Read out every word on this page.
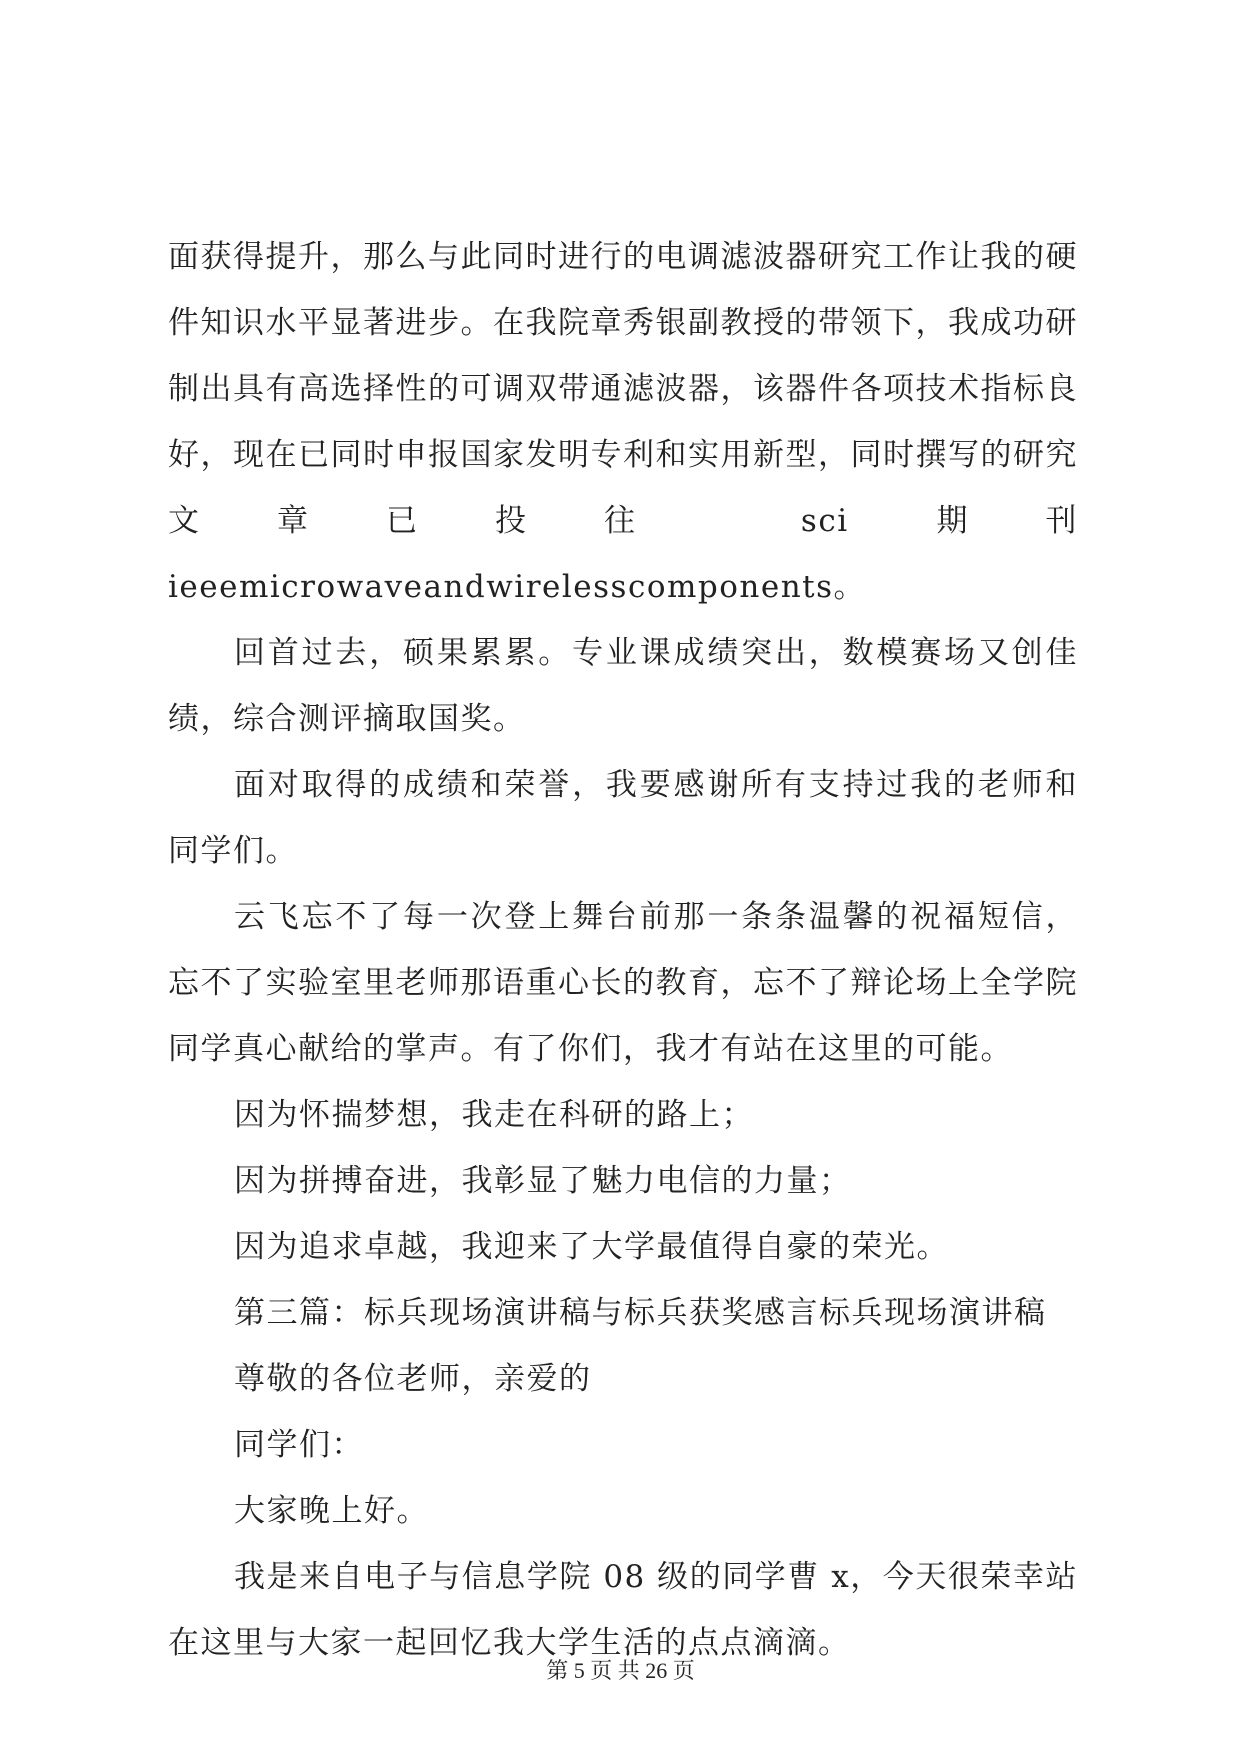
面获得提升，那么与此同时进行的电调滤波器研究工作让我的硬件知识水平显著进步。在我院章秀银副教授的带领下，我成功研制出具有高选择性的可调双带通滤波器，该器件各项技术指标良好，现在已同时申报国家发明专利和实用新型，同时撰写的研究文章已投往 sci 期刊 ieeemicrowaveandwirelesscomponents。

回首过去，硕果累累。专业课成绩突出，数模赛场又创佳绩，综合测评摘取国奖。

面对取得的成绩和荣誉，我要感谢所有支持过我的老师和同学们。

云飞忘不了每一次登上舞台前那一条条温馨的祝福短信，忘不了实验室里老师那语重心长的教育，忘不了辩论场上全学院同学真心献给的掌声。有了你们，我才有站在这里的可能。

因为怀揣梦想，我走在科研的路上；

因为拼搏奋进，我彰显了魅力电信的力量；

因为追求卓越，我迎来了大学最值得自豪的荣光。

第三篇：标兵现场演讲稿与标兵获奖感言标兵现场演讲稿

尊敬的各位老师，亲爱的

同学们：

大家晚上好。

我是来自电子与信息学院 08 级的同学曹 x，今天很荣幸站在这里与大家一起回忆我大学生活的点点滴滴。

第 5 页 共 26 页
